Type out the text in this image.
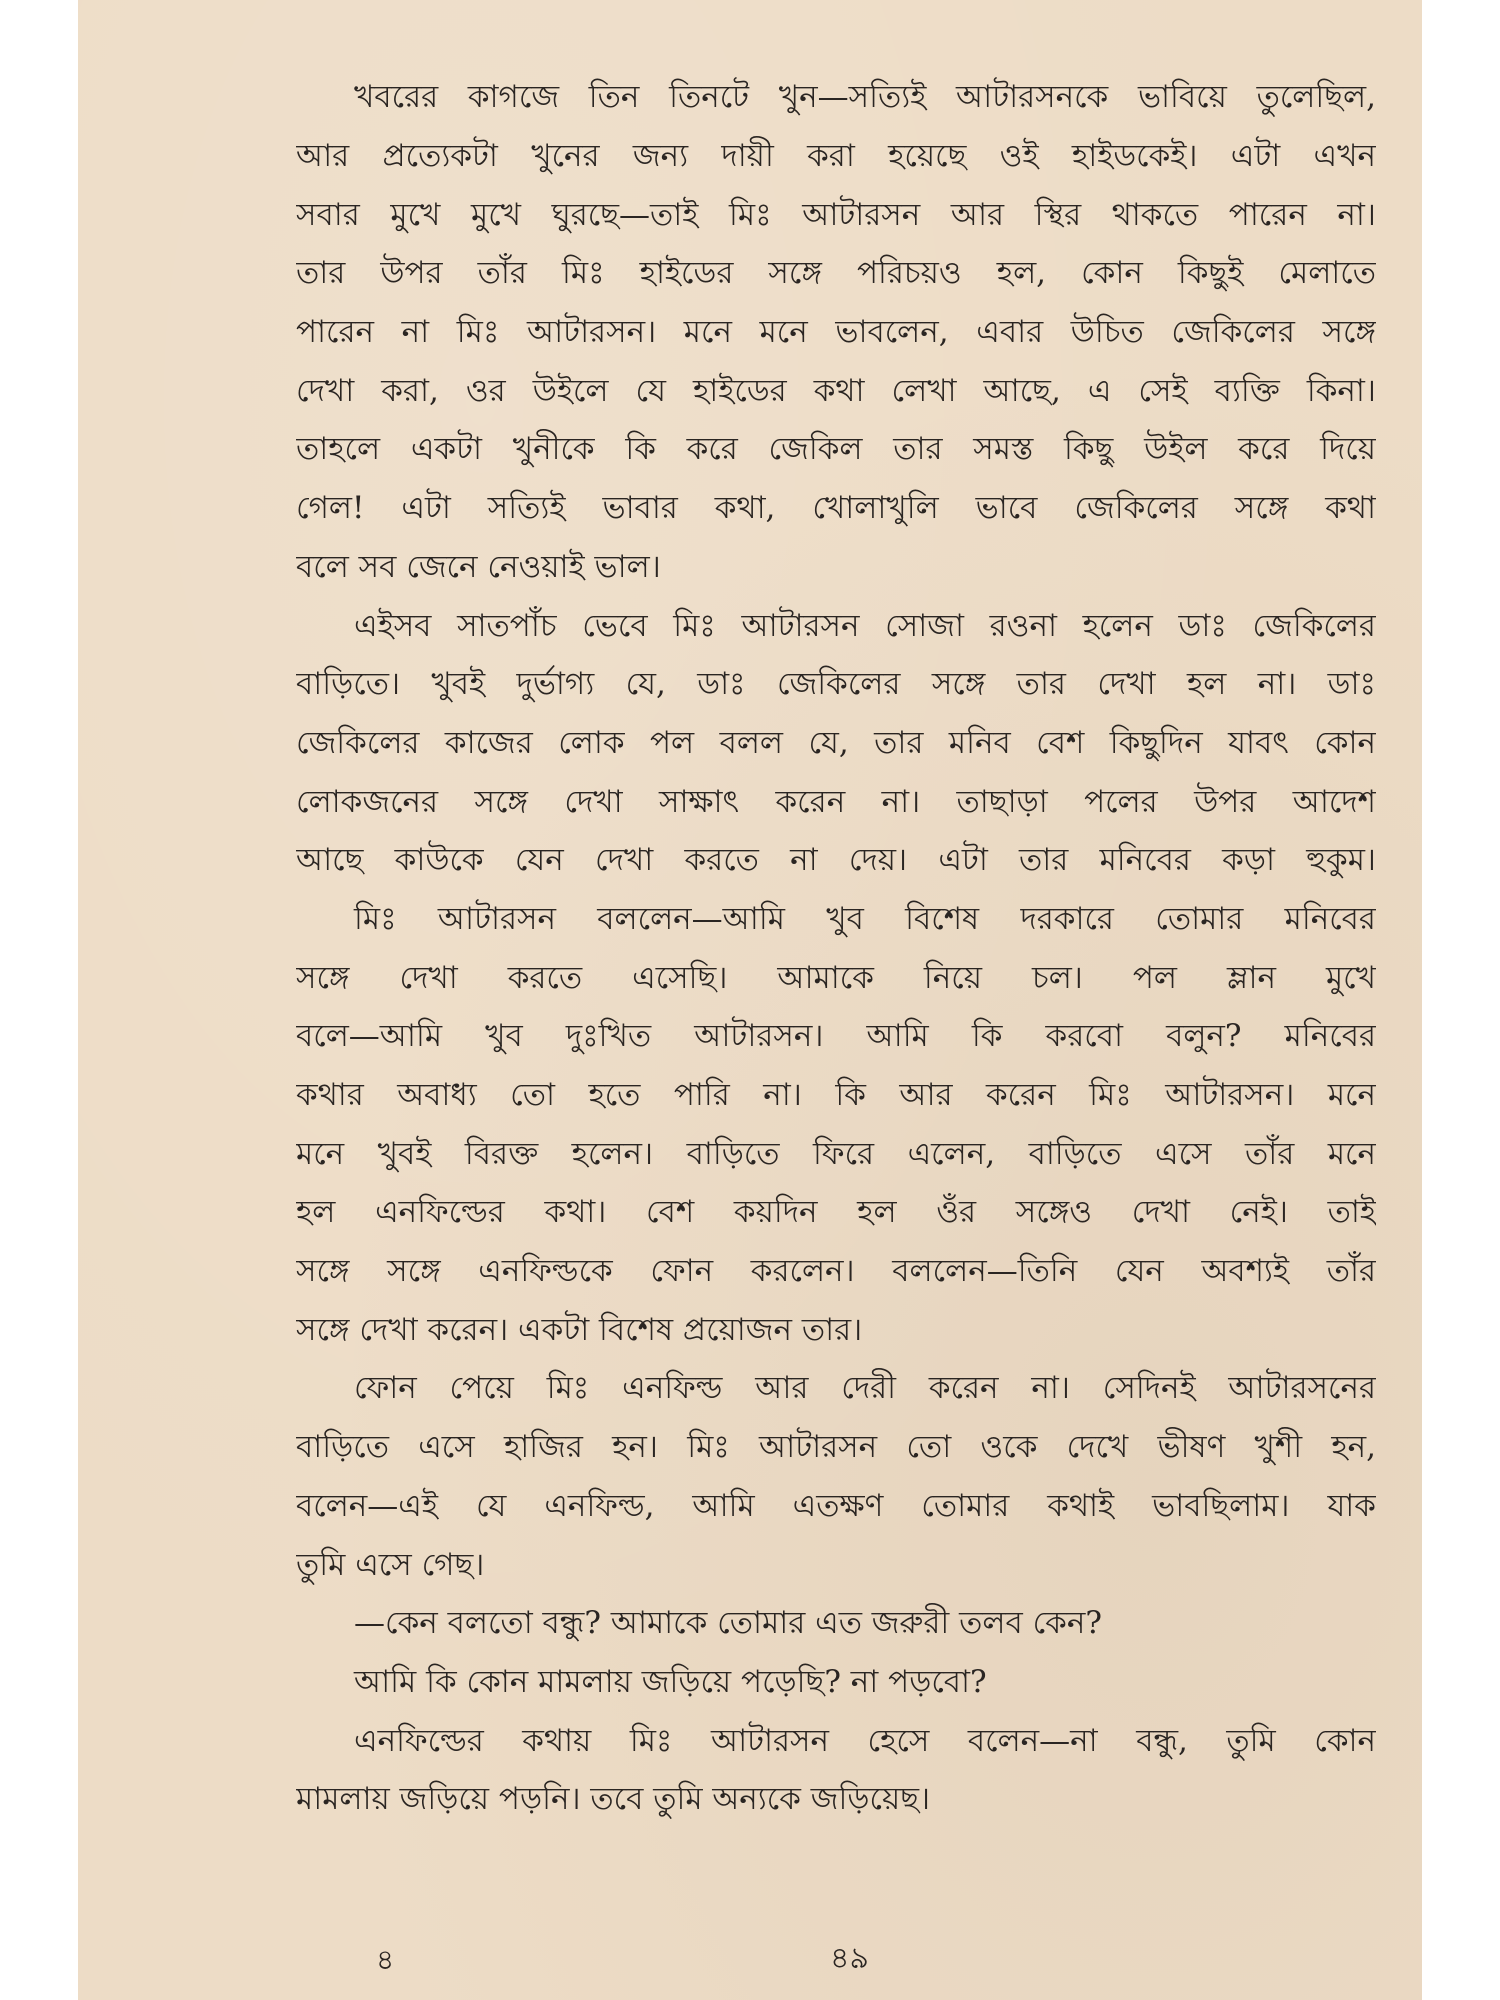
খবরের কাগজে তিন তিনটে খুন—সত্যিই আটারসনকে ভাবিয়ে তুলেছিল,
আর প্রত্যেকটা খুনের জন্য দায়ী করা হয়েছে ওই হাইডকেই। এটা এখন
সবার মুখে মুখে ঘুরছে—তাই মিঃ আটারসন আর স্থির থাকতে পারেন না।
তার উপর তাঁর মিঃ হাইডের সঙ্গে পরিচয়ও হল, কোন কিছুই মেলাতে
পারেন না মিঃ আটারসন। মনে মনে ভাবলেন, এবার উচিত জেকিলের সঙ্গে
দেখা করা, ওর উইলে যে হাইডের কথা লেখা আছে, এ সেই ব্যক্তি কিনা।
তাহলে একটা খুনীকে কি করে জেকিল তার সমস্ত কিছু উইল করে দিয়ে
গেল! এটা সত্যিই ভাবার কথা, খোলাখুলি ভাবে জেকিলের সঙ্গে কথা
বলে সব জেনে নেওয়াই ভাল।
এইসব সাতপাঁচ ভেবে মিঃ আটারসন সোজা রওনা হলেন ডাঃ জেকিলের
বাড়িতে। খুবই দুর্ভাগ্য যে, ডাঃ জেকিলের সঙ্গে তার দেখা হল না। ডাঃ
জেকিলের কাজের লোক পল বলল যে, তার মনিব বেশ কিছুদিন যাবৎ কোন
লোকজনের সঙ্গে দেখা সাক্ষাৎ করেন না। তাছাড়া পলের উপর আদেশ
আছে কাউকে যেন দেখা করতে না দেয়। এটা তার মনিবের কড়া হুকুম।
মিঃ আটারসন বললেন—আমি খুব বিশেষ দরকারে তোমার মনিবের
সঙ্গে দেখা করতে এসেছি। আমাকে নিয়ে চল। পল ম্লান মুখে
বলে—আমি খুব দুঃখিত আটারসন। আমি কি করবো বলুন? মনিবের
কথার অবাধ্য তো হতে পারি না। কি আর করেন মিঃ আটারসন। মনে
মনে খুবই বিরক্ত হলেন। বাড়িতে ফিরে এলেন, বাড়িতে এসে তাঁর মনে
হল এনফিল্ডের কথা। বেশ কয়দিন হল ওঁর সঙ্গেও দেখা নেই। তাই
সঙ্গে সঙ্গে এনফিল্ডকে ফোন করলেন। বললেন—তিনি যেন অবশ্যই তাঁর
সঙ্গে দেখা করেন। একটা বিশেষ প্রয়োজন তার।
ফোন পেয়ে মিঃ এনফিল্ড আর দেরী করেন না। সেদিনই আটারসনের
বাড়িতে এসে হাজির হন। মিঃ আটারসন তো ওকে দেখে ভীষণ খুশী হন,
বলেন—এই যে এনফিল্ড, আমি এতক্ষণ তোমার কথাই ভাবছিলাম। যাক
তুমি এসে গেছ।
—কেন বলতো বন্ধু? আমাকে তোমার এত জরুরী তলব কেন?
আমি কি কোন মামলায় জড়িয়ে পড়েছি? না পড়বো?
এনফিল্ডের কথায় মিঃ আটারসন হেসে বলেন—না বন্ধু, তুমি কোন
মামলায় জড়িয়ে পড়নি। তবে তুমি অন্যকে জড়িয়েছ।
৪	৪৯
